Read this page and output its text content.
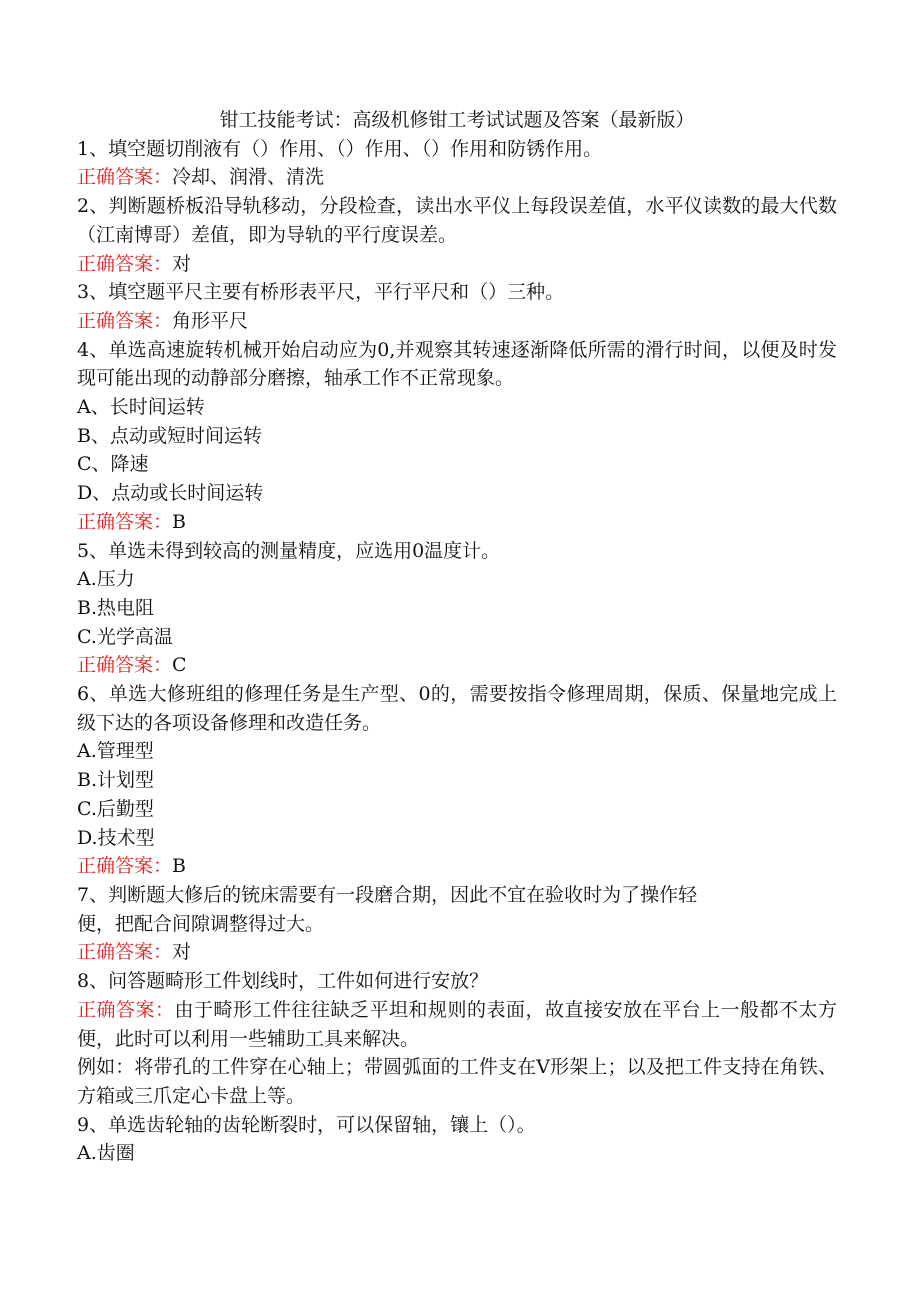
钳工技能考试：高级机修钳工考试试题及答案（最新版）

1、填空题切削液有（）作用、（）作用、（）作用和防锈作用。

正确答案：冷却、润滑、清洗

2、判断题桥板沿导轨移动，分段检查，读出水平仪上每段误差值，水平仪读数的最大代数（江南博哥）差值，即为导轨的平行度误差。

正确答案：对

3、填空题平尺主要有桥形表平尺，平行平尺和（）三种。

正确答案：角形平尺

4、单选高速旋转机械开始启动应为0,并观察其转速逐渐降低所需的滑行时间，以便及时发现可能出现的动静部分磨擦，轴承工作不正常现象。

A、长时间运转

B、点动或短时间运转

C、降速

D、点动或长时间运转

正确答案：B

5、单选未得到较高的测量精度，应选用0温度计。

A.压力

B.热电阻

C.光学高温

正确答案：C

6、单选大修班组的修理任务是生产型、0的，需要按指令修理周期，保质、保量地完成上级下达的各项设备修理和改造任务。

A.管理型

B.计划型

C.后勤型

D.技术型

正确答案：B

7、判断题大修后的铳床需要有一段磨合期，因此不宜在验收时为了操作轻

便，把配合间隙调整得过大。

正确答案：对

8、问答题畸形工件划线时，工件如何进行安放？

正确答案：由于畸形工件往往缺乏平坦和规则的表面，故直接安放在平台上一般都不太方便，此时可以利用一些辅助工具来解决。

例如：将带孔的工件穿在心轴上；带圆弧面的工件支在V形架上；以及把工件支持在角铁、方箱或三爪定心卡盘上等。

9、单选齿轮轴的齿轮断裂时，可以保留轴，镶上（）。

A.齿圈
